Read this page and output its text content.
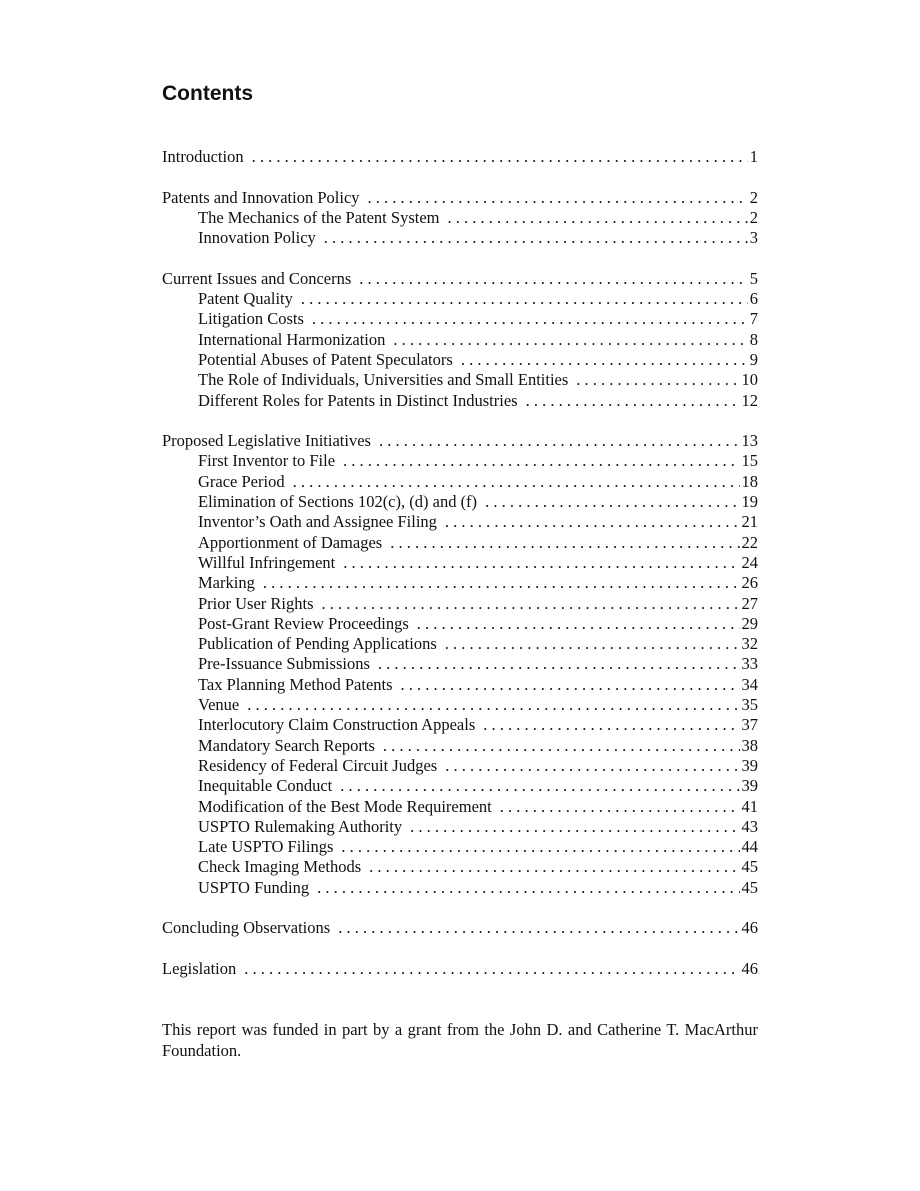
Contents
Introduction . . .	1
Patents and Innovation Policy . . .	2
The Mechanics of the Patent System . . .	2
Innovation Policy . . .	3
Current Issues and Concerns . . .	5
Patent Quality . . .	6
Litigation Costs . . .	7
International Harmonization . . .	8
Potential Abuses of Patent Speculators . . .	9
The Role of Individuals, Universities and Small Entities . . .	10
Different Roles for Patents in Distinct Industries . . .	12
Proposed Legislative Initiatives . . .	13
First Inventor to File . . .	15
Grace Period . . .	18
Elimination of Sections 102(c), (d) and (f) . . .	19
Inventor’s Oath and Assignee Filing . . .	21
Apportionment of Damages . . .	22
Willful Infringement . . .	24
Marking . . .	26
Prior User Rights . . .	27
Post-Grant Review Proceedings . . .	29
Publication of Pending Applications . . .	32
Pre-Issuance Submissions . . .	33
Tax Planning Method Patents . . .	34
Venue . . .	35
Interlocutory Claim Construction Appeals . . .	37
Mandatory Search Reports . . .	38
Residency of Federal Circuit Judges . . .	39
Inequitable Conduct . . .	39
Modification of the Best Mode Requirement . . .	41
USPTO Rulemaking Authority . . .	43
Late USPTO Filings . . .	44
Check Imaging Methods . . .	45
USPTO Funding . . .	45
Concluding Observations . . .	46
Legislation . . .	46

This report was funded in part by a grant from the John D. and Catherine T. MacArthur Foundation.
